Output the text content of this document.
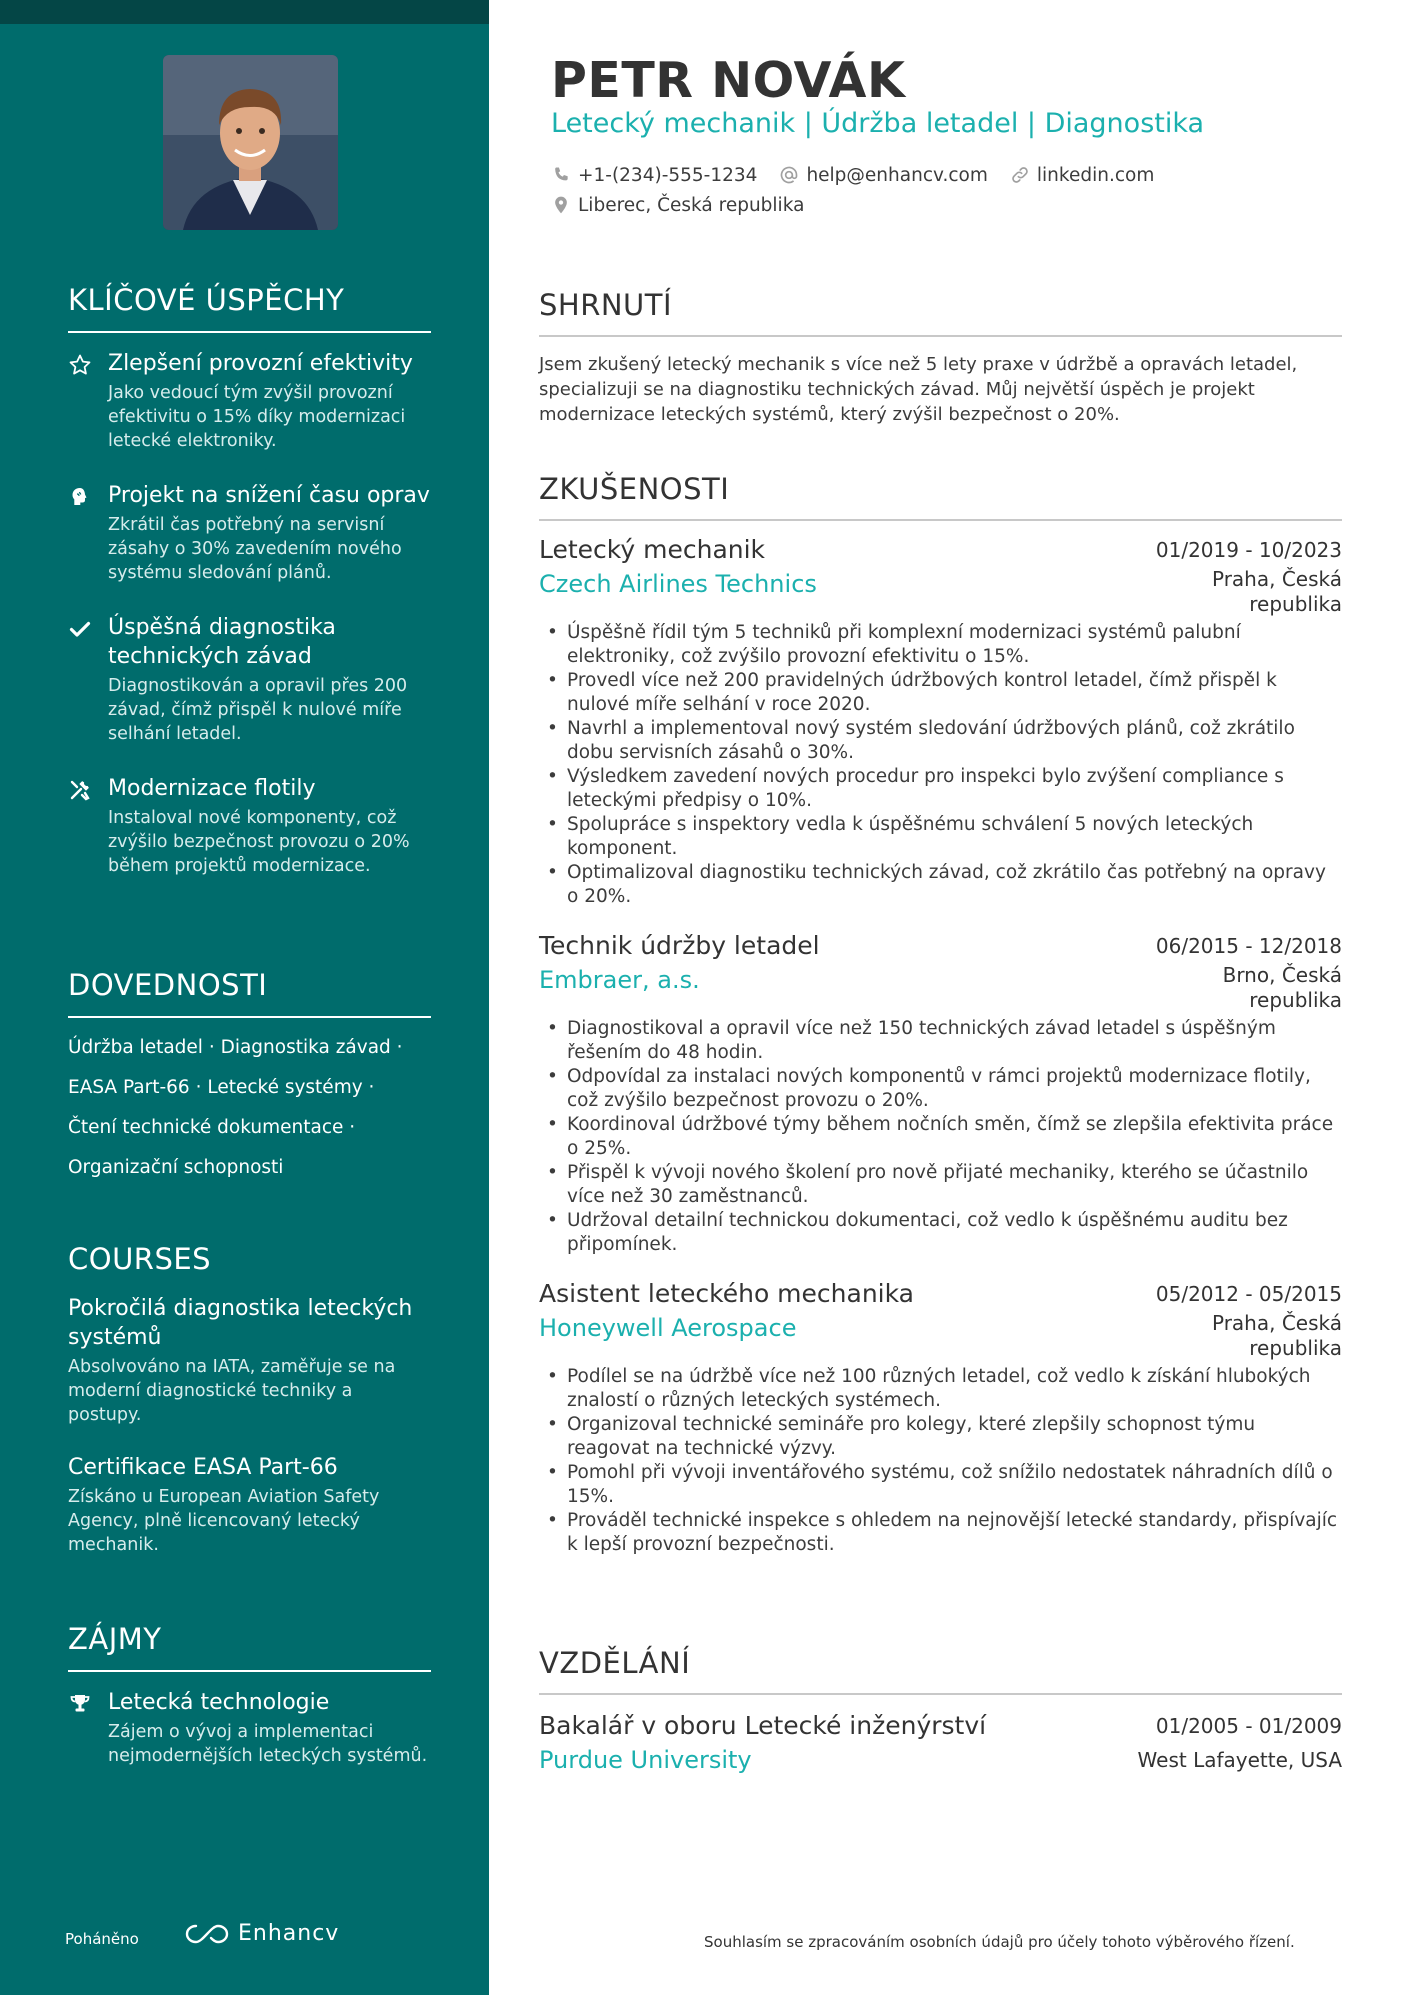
KLÍČOVÉ ÚSPĚCHY
Zlepšení provozní efektivity
Jako vedoucí tým zvýšil provozní efektivitu o 15% díky modernizaci letecké elektroniky.
Projekt na snížení času oprav
Zkrátil čas potřebný na servisní zásahy o 30% zavedením nového systému sledování plánů.
Úspěšná diagnostika technických závad
Diagnostikován a opravil přes 200 závad, čímž přispěl k nulové míře selhání letadel.
Modernizace flotily
Instaloval nové komponenty, což zvýšilo bezpečnost provozu o 20% během projektů modernizace.
DOVEDNOSTI
Údržba letadel · Diagnostika závad ·
EASA Part-66 · Letecké systémy ·
Čtení technické dokumentace ·
Organizační schopnosti
COURSES
Pokročilá diagnostika leteckých systémů
Absolvováno na IATA, zaměřuje se na moderní diagnostické techniky a postupy.
Certifikace EASA Part-66
Získáno u European Aviation Safety Agency, plně licencovaný letecký mechanik.
ZÁJMY
Letecká technologie
Zájem o vývoj a implementaci nejmodernějších leteckých systémů.
Poháněno	Enhancv
PETR NOVÁK
Letecký mechanik | Údržba letadel | Diagnostika
+1-(234)-555-1234	help@enhancv.com	linkedin.com
Liberec, Česká republika
SHRNUTÍ
Jsem zkušený letecký mechanik s více než 5 lety praxe v údržbě a opravách letadel, specializuji se na diagnostiku technických závad. Můj největší úspěch je projekt modernizace leteckých systémů, který zvýšil bezpečnost o 20%.
ZKUŠENOSTI
Letecký mechanik	01/2019 - 10/2023
Czech Airlines Technics	Praha, Česká republika
• Úspěšně řídil tým 5 techniků při komplexní modernizaci systémů palubní elektroniky, což zvýšilo provozní efektivitu o 15%.
• Provedl více než 200 pravidelných údržbových kontrol letadel, čímž přispěl k nulové míře selhání v roce 2020.
• Navrhl a implementoval nový systém sledování údržbových plánů, což zkrátilo dobu servisních zásahů o 30%.
• Výsledkem zavedení nových procedur pro inspekci bylo zvýšení compliance s leteckými předpisy o 10%.
• Spolupráce s inspektory vedla k úspěšnému schválení 5 nových leteckých komponent.
• Optimalizoval diagnostiku technických závad, což zkrátilo čas potřebný na opravy o 20%.
Technik údržby letadel	06/2015 - 12/2018
Embraer, a.s.	Brno, Česká republika
• Diagnostikoval a opravil více než 150 technických závad letadel s úspěšným řešením do 48 hodin.
• Odpovídal za instalaci nových komponentů v rámci projektů modernizace flotily, což zvýšilo bezpečnost provozu o 20%.
• Koordinoval údržbové týmy během nočních směn, čímž se zlepšila efektivita práce o 25%.
• Přispěl k vývoji nového školení pro nově přijaté mechaniky, kterého se účastnilo více než 30 zaměstnanců.
• Udržoval detailní technickou dokumentaci, což vedlo k úspěšnému auditu bez připomínek.
Asistent leteckého mechanika	05/2012 - 05/2015
Honeywell Aerospace	Praha, Česká republika
• Podílel se na údržbě více než 100 různých letadel, což vedlo k získání hlubokých znalostí o různých leteckých systémech.
• Organizoval technické semináře pro kolegy, které zlepšily schopnost týmu reagovat na technické výzvy.
• Pomohl při vývoji inventářového systému, což snížilo nedostatek náhradních dílů o 15%.
• Prováděl technické inspekce s ohledem na nejnovější letecké standardy, přispívajíc k lepší provozní bezpečnosti.
VZDĚLÁNÍ
Bakalář v oboru Letecké inženýrství	01/2005 - 01/2009
Purdue University	West Lafayette, USA
Souhlasím se zpracováním osobních údajů pro účely tohoto výběrového řízení.
